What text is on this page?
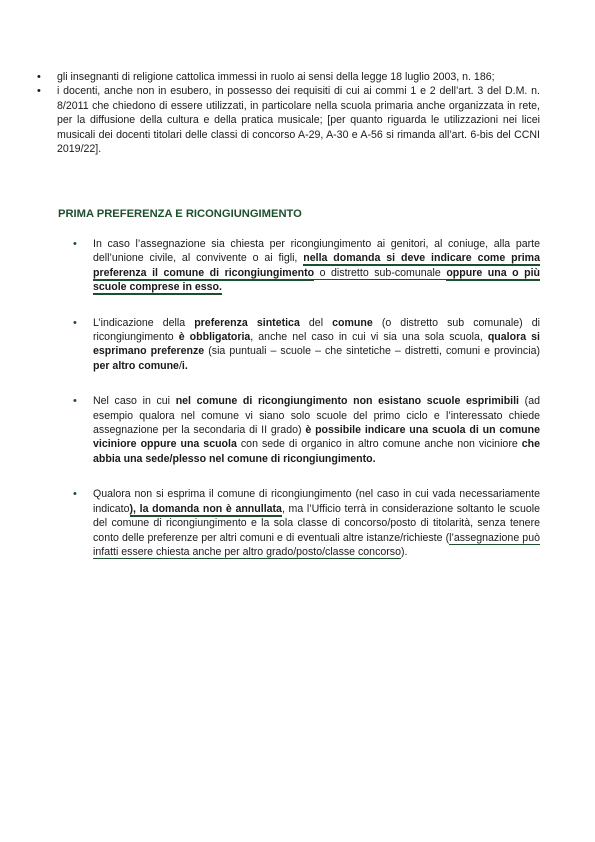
• gli insegnanti di religione cattolica immessi in ruolo ai sensi della legge 18 luglio 2003, n. 186;
• i docenti, anche non in esubero, in possesso dei requisiti di cui ai commi 1 e 2 dell’art. 3 del D.M. n. 8/2011 che chiedono di essere utilizzati, in particolare nella scuola primaria anche organizzata in rete, per la diffusione della cultura e della pratica musicale; [per quanto riguarda le utilizzazioni nei licei musicali dei docenti titolari delle classi di concorso A-29, A-30 e A-56 si rimanda all’art. 6-bis del CCNI 2019/22].
PRIMA PREFERENZA E RICONGIUNGIMENTO
• In caso l’assegnazione sia chiesta per ricongiungimento ai genitori, al coniuge, alla parte dell’unione civile, al convivente o ai figli, nella domanda si deve indicare come prima preferenza il comune di ricongiungimento o distretto sub-comunale oppure una o più scuole comprese in esso.
• L’indicazione della preferenza sintetica del comune (o distretto sub comunale) di ricongiungimento è obbligatoria, anche nel caso in cui vi sia una sola scuola, qualora si esprimano preferenze (sia puntuali – scuole – che sintetiche – distretti, comuni e provincia) per altro comune/i.
• Nel caso in cui nel comune di ricongiungimento non esistano scuole esprimibili (ad esempio qualora nel comune vi siano solo scuole del primo ciclo e l’interessato chiede assegnazione per la secondaria di II grado) è possibile indicare una scuola di un comune viciniore oppure una scuola con sede di organico in altro comune anche non viciniore che abbia una sede/plesso nel comune di ricongiungimento.
• Qualora non si esprima il comune di ricongiungimento (nel caso in cui vada necessariamente indicato), la domanda non è annullata, ma l’Ufficio terrà in considerazione soltanto le scuole del comune di ricongiungimento e la sola classe di concorso/posto di titolarità, senza tenere conto delle preferenze per altri comuni e di eventuali altre istanze/richieste (l’assegnazione può infatti essere chiesta anche per altro grado/posto/classe concorso).
